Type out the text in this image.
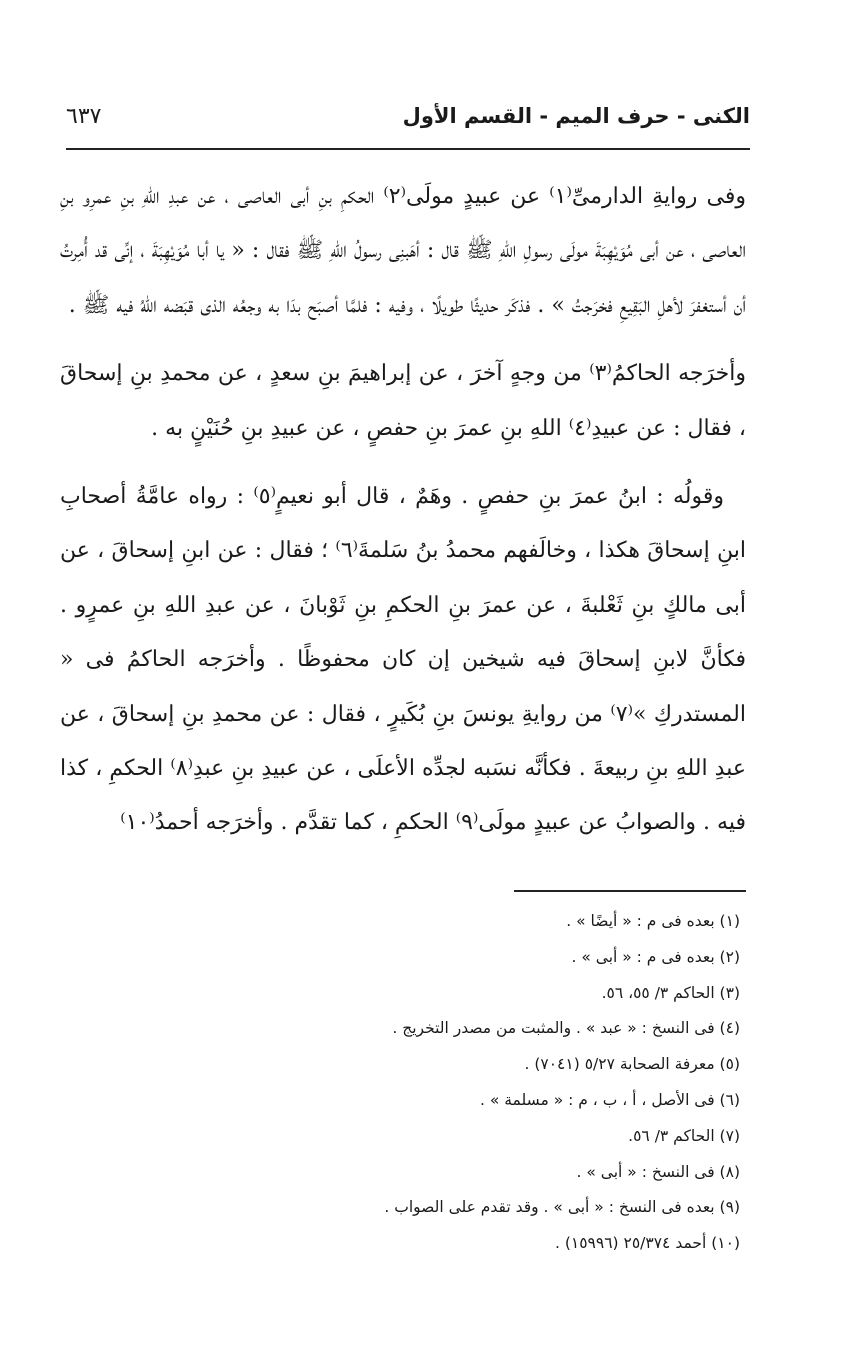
الكنى - حرف الميم - القسم الأول
٦٣٧

وفى روايةِ الدارمىِّ⁽١⁾ عن عبيدٍ مولَى⁽٢⁾ الحكمِ بنِ أبى العاصى ، عن عبدِ اللهِ بنِ عمرِو بنِ العاصى ، عن أبى مُوَيْهِبَةَ مولَى رسولِ اللهِ ﷺ قال : أهَبنِى رسولُ اللهِ ﷺ فقال : « يا أبا مُوَيْهِبَةَ ، إنِّى قد أُمِرتُ أن أستغفرَ لأهلِ البَقِيعِ فخرَجتُ » . فذكَر حديثًا طويلًا ، وفيه : فلمَّا أصبَح بدَا به وجعُه الذى قبَضه اللهُ فيه ﷺ .

وأخرَجه الحاكمُ⁽٣⁾ من وجهٍ آخرَ ، عن إبراهيمَ بنِ سعدٍ ، عن محمدِ بنِ إسحاقَ ، فقال : عن عبيدِ⁽٤⁾ اللهِ بنِ عمرَ بنِ حفصٍ ، عن عبيدِ بنِ حُنَيْنٍ به .

وقولُه : ابنُ عمرَ بنِ حفصٍ . وهَمٌ ، قال أبو نعيمٍ⁽٥⁾ : رواه عامَّةُ أصحابِ ابنِ إسحاقَ هكذا ، وخالَفهم محمدُ بنُ سَلمةَ⁽٦⁾ ؛ فقال : عن ابنِ إسحاقَ ، عن أبى مالكٍ بنِ ثَعْلبةَ ، عن عمرَ بنِ الحكمِ بنِ ثَوْبانَ ، عن عبدِ اللهِ بنِ عمرٍو . فكأنَّ لابنِ إسحاقَ فيه شيخين إن كان محفوظًا . وأخرَجه الحاكمُ فى « المستدركِ »⁽٧⁾ من روايةِ يونسَ بنِ بُكَيرٍ ، فقال : عن محمدِ بنِ إسحاقَ ، عن عبدِ اللهِ بنِ ربيعةَ . فكأنَّه نسَبه لجدِّه الأعلَى ، عن عبيدِ بنِ عبدِ⁽٨⁾ الحكمِ ، كذا فيه . والصوابُ عن عبيدٍ مولَى⁽٩⁾ الحكمِ ، كما تقدَّم . وأخرَجه أحمدُ⁽١٠⁾

(١) بعده فى م : « أيضًا » .
(٢) بعده فى م : « أبى » .
(٣) الحاكم ٣/ ٥٥، ٥٦.
(٤) فى النسخ : « عبد » . والمثبت من مصدر التخريج .
(٥) معرفة الصحابة ٥/٢٧ (٧٠٤١) .
(٦) فى الأصل ، أ ، ب ، م : « مسلمة » .
(٧) الحاكم ٣/ ٥٦.
(٨) فى النسخ : « أبى » .
(٩) بعده فى النسخ : « أبى » . وقد تقدم على الصواب .
(١٠) أحمد ٢٥/٣٧٤ (١٥٩٩٦) .
